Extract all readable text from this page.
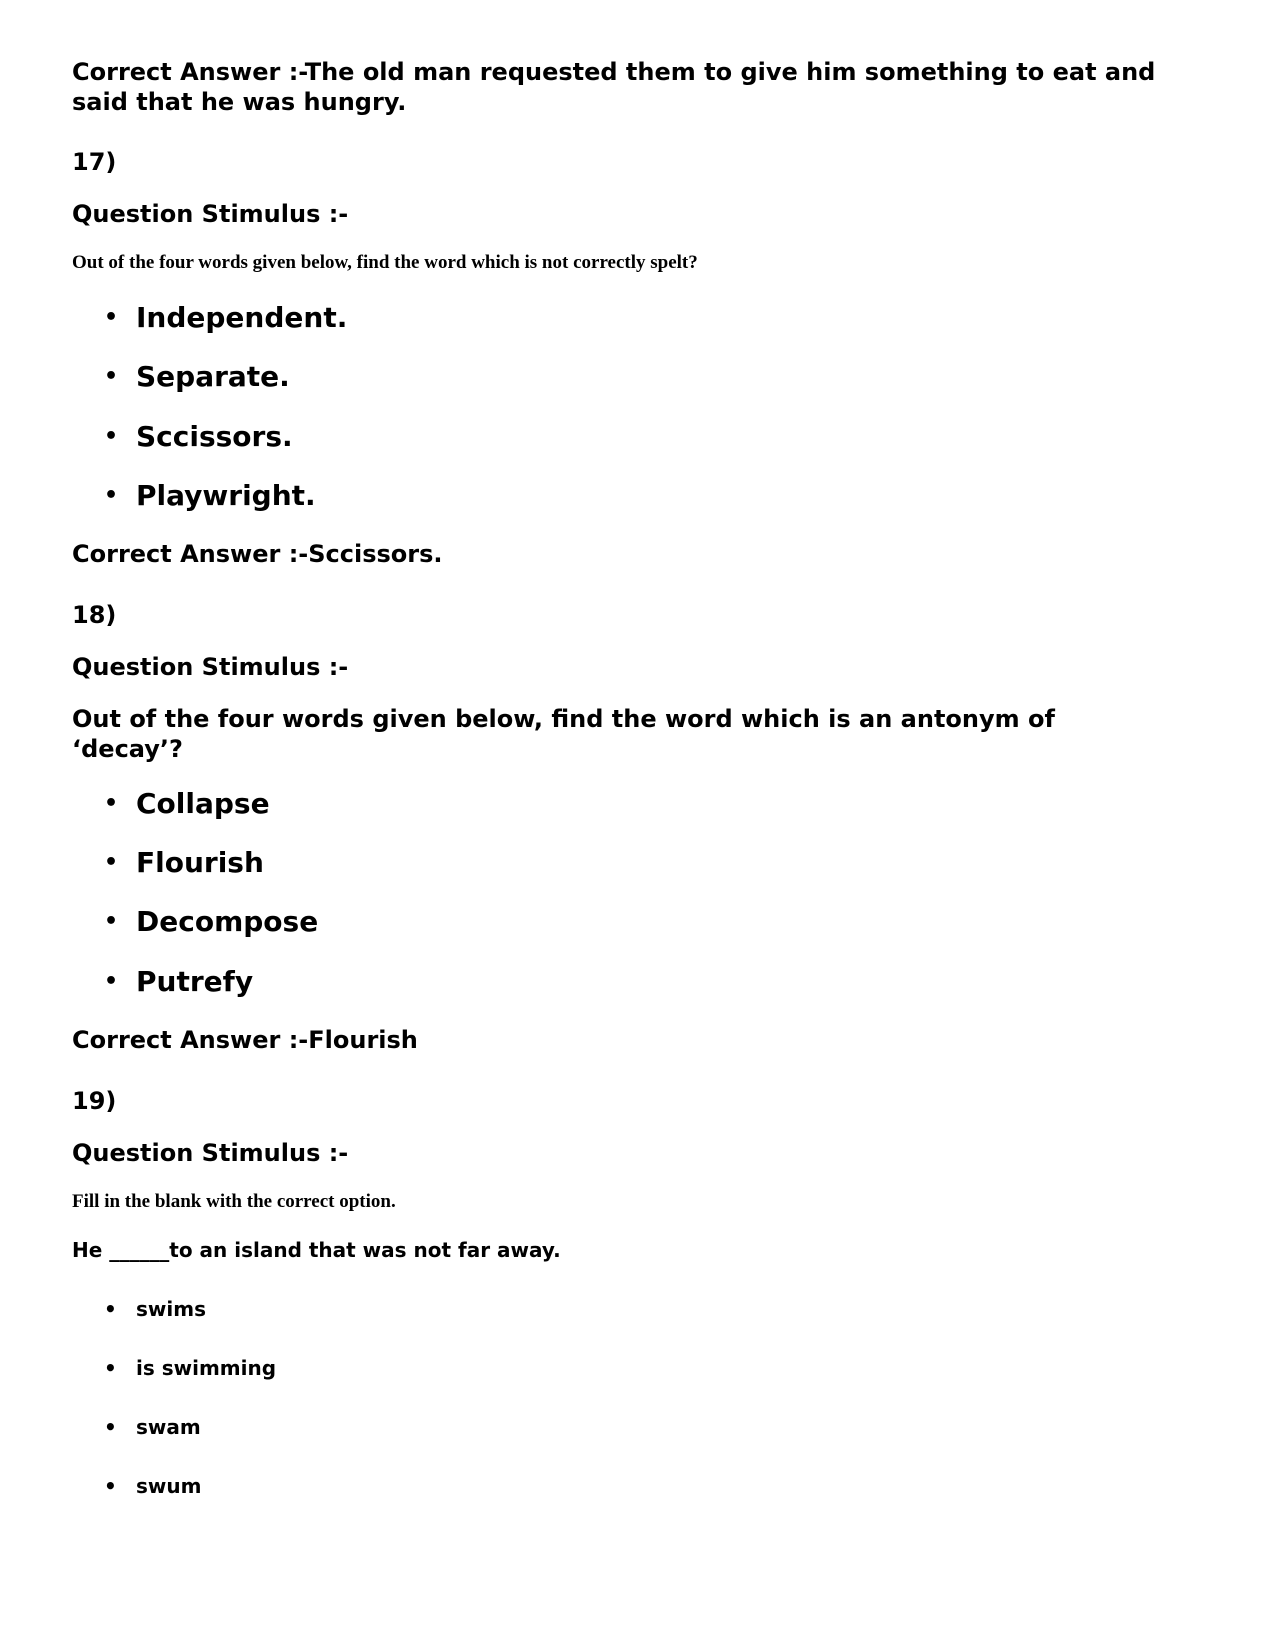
Correct Answer :-The old man requested them to give him something to eat and said that he was hungry.

17)

Question Stimulus :-

Out of the four words given below, find the word which is not correctly spelt?

• Independent.
• Separate.
• Sccissors.
• Playwright.

Correct Answer :-Sccissors.

18)

Question Stimulus :-

Out of the four words given below, find the word which is an antonym of ‘decay’?

• Collapse
• Flourish
• Decompose
• Putrefy

Correct Answer :-Flourish

19)

Question Stimulus :-

Fill in the blank with the correct option.

He ______to an island that was not far away.

• swims
• is swimming
• swam
• swum
